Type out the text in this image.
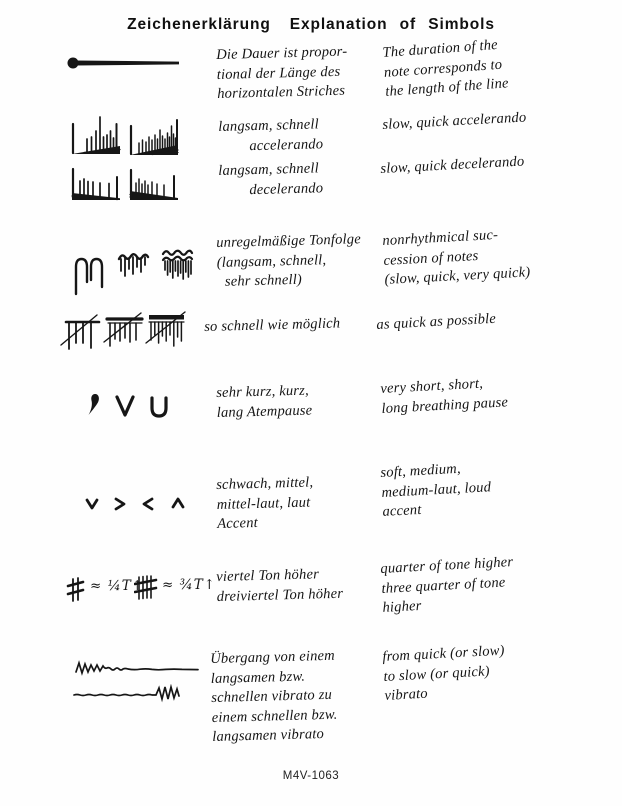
Zeichenerklärung Explanation of Simbols
Die Dauer ist propor-
tional der Länge des
horizontalen Striches
The duration of the
note corresponds to
the length of the line
langsam, schnell
accelerando
slow, quick accelerando
langsam, schnell
decelerando
slow, quick decelerando
unregelmäßige Tonfolge
(langsam, schnell,
sehr schnell)
nonrhythmical suc-
cession of notes
(slow, quick, very quick)
so schnell wie möglich	as quick as possible
sehr kurz, kurz,
lang Atempause
very short, short,
long breathing pause
schwach, mittel,
mittel-laut, laut
Accent
soft, medium,
medium-laut, loud
accent
≈ ¼T↑ ≈ ¾T↑
viertel Ton höher
dreiviertel Ton höher
quarter of tone higher
three quarter of tone
higher
Übergang von einem
langsamen bzw.
schnellen vibrato zu
einem schnellen bzw.
langsamen vibrato
from quick (or slow)
to slow (or quick)
vibrato
M4V-1063
